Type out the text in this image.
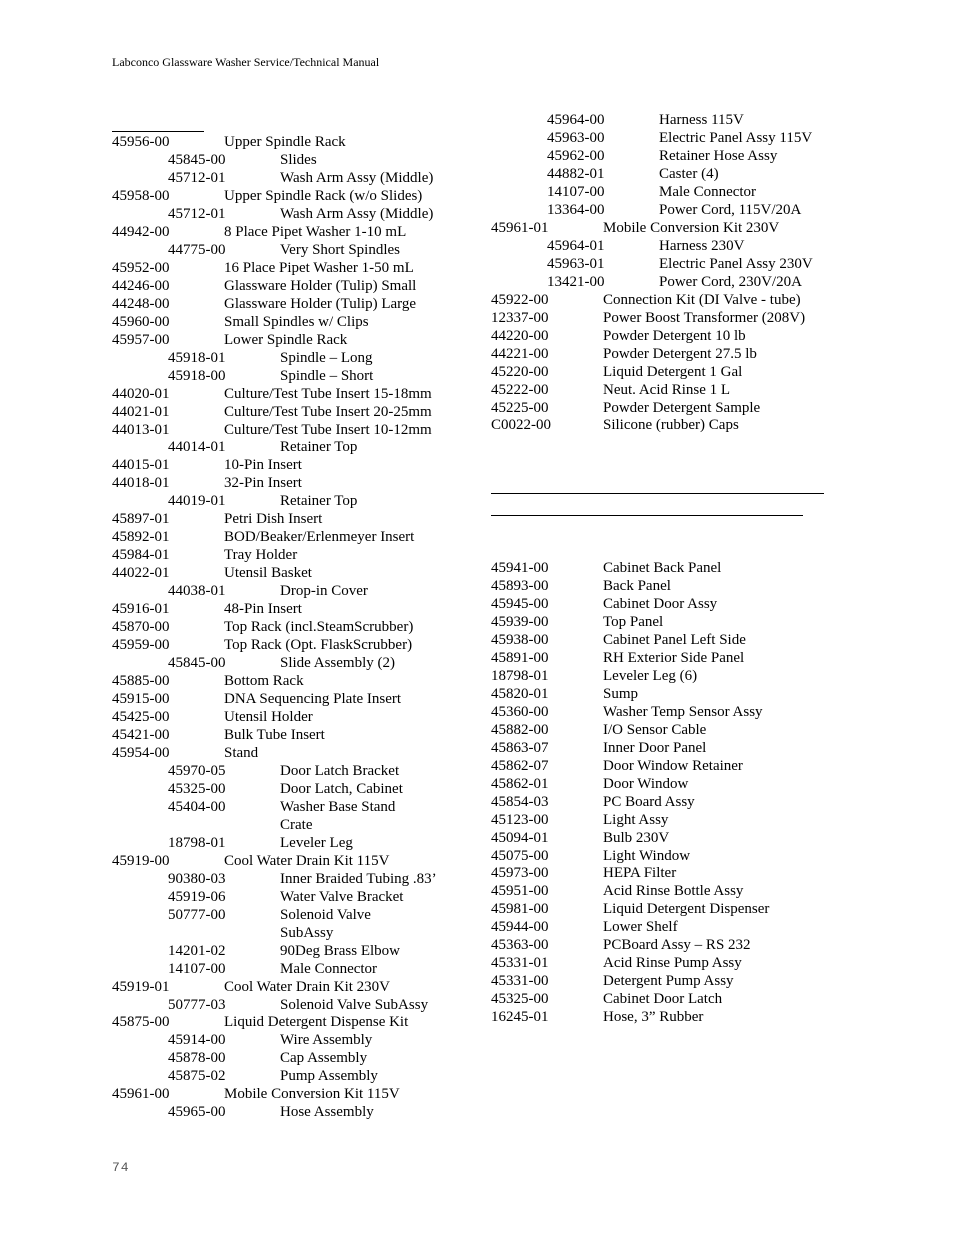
Labconco Glassware Washer Service/Technical Manual
45956-00	Upper Spindle Rack
45845-00	Slides
45712-01	Wash Arm Assy (Middle)
45958-00	Upper Spindle Rack (w/o Slides)
45712-01	Wash Arm Assy (Middle)
44942-00	8 Place Pipet Washer 1-10 mL
44775-00	Very Short Spindles
45952-00	16 Place Pipet Washer 1-50 mL
44246-00	Glassware Holder (Tulip) Small
44248-00	Glassware Holder (Tulip) Large
45960-00	Small Spindles w/ Clips
45957-00	Lower Spindle Rack
45918-01	Spindle – Long
45918-00	Spindle – Short
44020-01	Culture/Test Tube Insert 15-18mm
44021-01	Culture/Test Tube Insert 20-25mm
44013-01	Culture/Test Tube Insert 10-12mm
44014-01	Retainer Top
44015-01	10-Pin Insert
44018-01	32-Pin Insert
44019-01	Retainer Top
45897-01	Petri Dish Insert
45892-01	BOD/Beaker/Erlenmeyer Insert
45984-01	Tray Holder
44022-01	Utensil Basket
44038-01	Drop-in Cover
45916-01	48-Pin Insert
45870-00	Top Rack (incl.SteamScrubber)
45959-00	Top Rack (Opt. FlaskScrubber)
45845-00	Slide Assembly (2)
45885-00	Bottom Rack
45915-00	DNA Sequencing Plate Insert
45425-00	Utensil Holder
45421-00	Bulk Tube Insert
45954-00	Stand
45970-05	Door Latch Bracket
45325-00	Door Latch, Cabinet
45404-00	Washer Base Stand
Crate
18798-01	Leveler Leg
45919-00	Cool Water Drain Kit 115V
90380-03	Inner Braided Tubing .83’
45919-06	Water Valve Bracket
50777-00	Solenoid Valve
SubAssy
14201-02	90Deg Brass Elbow
14107-00	Male Connector
45919-01	Cool Water Drain Kit 230V
50777-03	Solenoid Valve SubAssy
45875-00	Liquid Detergent Dispense Kit
45914-00	Wire Assembly
45878-00	Cap Assembly
45875-02	Pump Assembly
45961-00	Mobile Conversion Kit 115V
45965-00	Hose Assembly
45964-00	Harness 115V
45963-00	Electric Panel Assy 115V
45962-00	Retainer Hose Assy
44882-01	Caster (4)
14107-00	Male Connector
13364-00	Power Cord, 115V/20A
45961-01	Mobile Conversion Kit 230V
45964-01	Harness 230V
45963-01	Electric Panel Assy 230V
13421-00	Power Cord, 230V/20A
45922-00	Connection Kit (DI Valve - tube)
12337-00	Power Boost Transformer (208V)
44220-00	Powder Detergent 10 lb
44221-00	Powder Detergent 27.5 lb
45220-00	Liquid Detergent 1 Gal
45222-00	Neut. Acid Rinse 1 L
45225-00	Powder Detergent Sample
C0022-00	Silicone (rubber) Caps
45941-00	Cabinet Back Panel
45893-00	Back Panel
45945-00	Cabinet Door Assy
45939-00	Top Panel
45938-00	Cabinet Panel Left Side
45891-00	RH Exterior Side Panel
18798-01	Leveler Leg (6)
45820-01	Sump
45360-00	Washer Temp Sensor Assy
45882-00	I/O Sensor Cable
45863-07	Inner Door Panel
45862-07	Door Window Retainer
45862-01	Door Window
45854-03	PC Board Assy
45123-00	Light Assy
45094-01	Bulb 230V
45075-00	Light Window
45973-00	HEPA Filter
45951-00	Acid Rinse Bottle Assy
45981-00	Liquid Detergent Dispenser
45944-00	Lower Shelf
45363-00	PCBoard Assy – RS 232
45331-01	Acid Rinse Pump Assy
45331-00	Detergent Pump Assy
45325-00	Cabinet Door Latch
16245-01	Hose, 3” Rubber
74
